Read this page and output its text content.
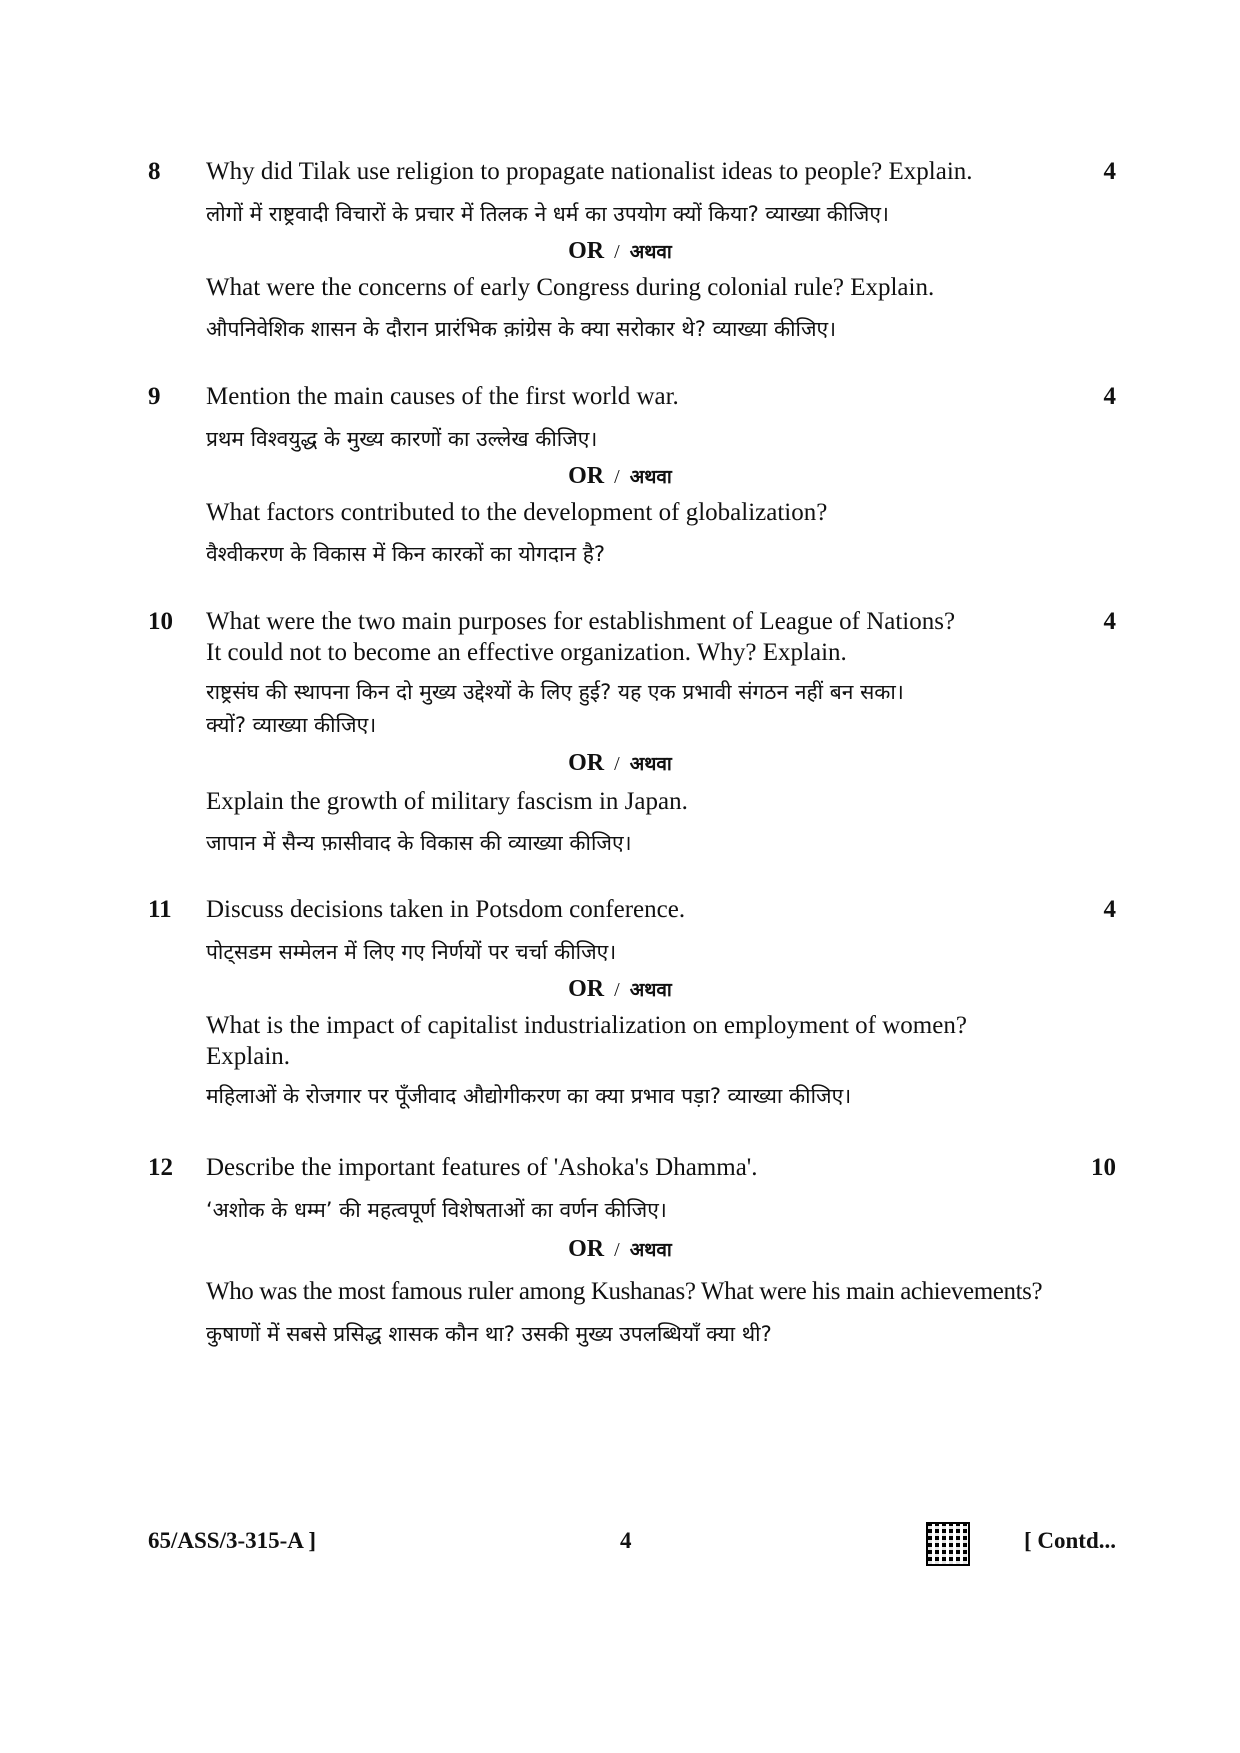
8	4
Why did Tilak use religion to propagate nationalist ideas to people? Explain.
लोगों में राष्ट्रवादी विचारों के प्रचार में तिलक ने धर्म का उपयोग क्यों किया? व्याख्या कीजिए।
OR / अथवा
What were the concerns of early Congress during colonial rule? Explain.
औपनिवेशिक शासन के दौरान प्रारंभिक क़ांग्रेस के क्या सरोकार थे? व्याख्या कीजिए।
9	4
Mention the main causes of the first world war.
प्रथम विश्वयुद्ध के मुख्य कारणों का उल्लेख कीजिए।
OR / अथवा
What factors contributed to the development of globalization?
वैश्वीकरण के विकास में किन कारकों का योगदान है?
10	4
What were the two main purposes for establishment of League of Nations?
It could not to become an effective organization. Why? Explain.
राष्ट्रसंघ की स्थापना किन दो मुख्य उद्देश्यों के लिए हुई? यह एक प्रभावी संगठन नहीं बन सका।
क्यों? व्याख्या कीजिए।
OR / अथवा
Explain the growth of military fascism in Japan.
जापान में सैन्य फ़ासीवाद के विकास की व्याख्या कीजिए।
11	4
Discuss decisions taken in Potsdom conference.
पोट्सडम सम्मेलन में लिए गए निर्णयों पर चर्चा कीजिए।
OR / अथवा
What is the impact of capitalist industrialization on employment of women?
Explain.
महिलाओं के रोजगार पर पूँजीवाद औद्योगीकरण का क्या प्रभाव पड़ा? व्याख्या कीजिए।
12	10
Describe the important features of 'Ashoka's Dhamma'.
‘अशोक के धम्म’ की महत्वपूर्ण विशेषताओं का वर्णन कीजिए।
OR / अथवा
Who was the most famous ruler among Kushanas? What were his main achievements?
कुषाणों में सबसे प्रसिद्ध शासक कौन था? उसकी मुख्य उपलब्धियाँ क्या थी?
65/ASS/3-315-A ]	4	[ Contd...
